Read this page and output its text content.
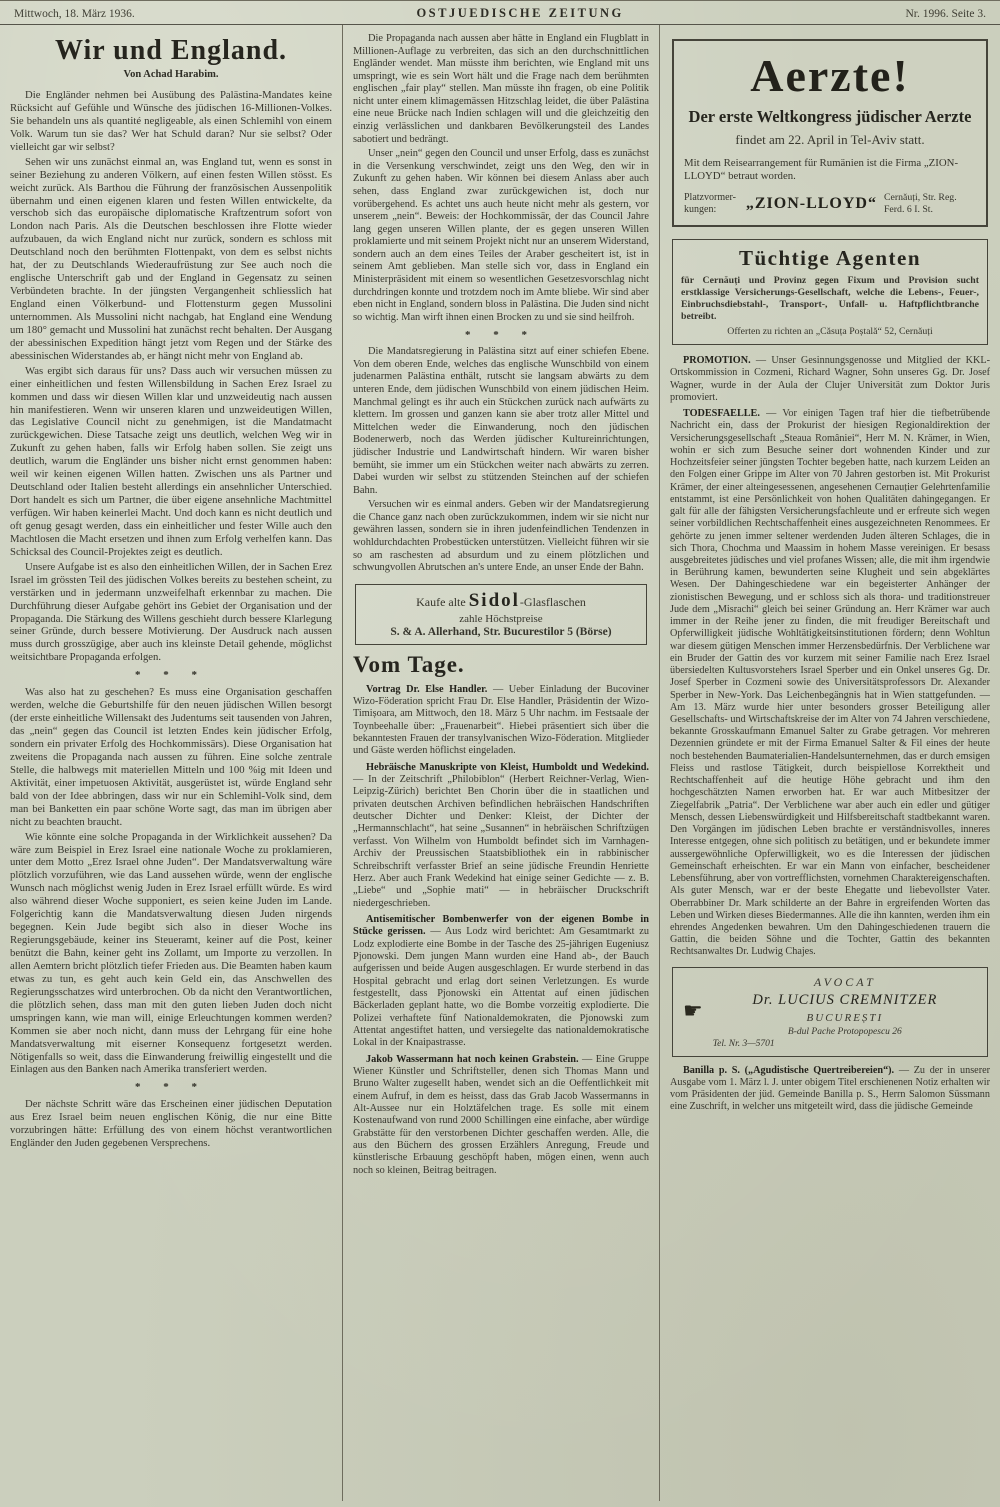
Mittwoch, 18. März 1936.	OSTJUEDISCHE ZEITUNG	Nr. 1996. Seite 3.
Wir und England.
Von Achad Harabim.

Die Engländer nehmen bei Ausübung des Palästina-Mandates keine Rücksicht auf Gefühle und Wünsche des jüdischen 16-Millionen-Volkes. Sie behandeln uns als quantité negligeable, als einen Schlemihl von einem Volk. Warum tun sie das? Wer hat Schuld daran? Nur sie selbst? Oder vielleicht gar wir selbst?

Sehen wir uns zunächst einmal an, was England tut, wenn es sonst in seiner Beziehung zu anderen Völkern, auf einen festen Willen stösst. Es weicht zurück. Als Barthou die Führung der französischen Aussenpolitik übernahm und einen eigenen klaren und festen Willen entwickelte, da verschob sich das europäische diplomatische Kraftzentrum sofort von London nach Paris. Als die Deutschen beschlossen ihre Flotte wieder aufzubauen, da wich England nicht nur zurück, sondern es schloss mit Deutschland noch den berühmten Flottenpakt, von dem es selbst nichts hat, der zu Deutschlands Wiederaufrüstung zur See auch noch die englische Unterschrift gab und der England in Gegensatz zu seinen Verbündeten brachte. In der jüngsten Vergangenheit schliesslich hat England einen Völkerbund- und Flottensturm gegen Mussolini unternommen. Als Mussolini nicht nachgab, hat England eine Wendung um 180° gemacht und Mussolini hat zunächst recht behalten. Der Ausgang der abessinischen Expedition hängt jetzt vom Regen und der Stärke des abessinischen Widerstandes ab, er hängt nicht mehr von England ab.

Was ergibt sich daraus für uns? Dass auch wir versuchen müssen zu einer einheitlichen und festen Willensbildung in Sachen Erez Israel zu kommen und dass wir diesen Willen klar und unzweideutig nach aussen hin manifestieren. Wenn wir unseren klaren und unzweideutigen Willen, das Legislative Council nicht zu genehmigen, ist die Mandatmacht zurückgewichen. Diese Tatsache zeigt uns deutlich, welchen Weg wir in Zukunft zu gehen haben, falls wir Erfolg haben sollen. Sie zeigt uns deutlich, warum die Engländer uns bisher nicht ernst genommen haben: weil wir keinen eigenen Willen hatten. Zwischen uns als Partner und Deutschland oder Italien besteht allerdings ein ansehnlicher Unterschied. Dort handelt es sich um Partner, die über eigene ansehnliche Machtmittel verfügen. Wir haben keinerlei Macht. Und doch kann es nicht deutlich und oft genug gesagt werden, dass ein einheitlicher und fester Wille auch den Machtlosen die Macht ersetzen und ihnen zum Erfolg verhelfen kann. Das Schicksal des Council-Projektes zeigt es deutlich.

Unsere Aufgabe ist es also den einheitlichen Willen, der in Sachen Erez Israel im grössten Teil des jüdischen Volkes bereits zu bestehen scheint, zu verstärken und in jedermann unzweifelhaft erkennbar zu machen. Die Durchführung dieser Aufgabe gehört ins Gebiet der Organisation und der Propaganda. Die Stärkung des Willens geschieht durch bessere Klarlegung seiner Gründe, durch bessere Motivierung. Der Ausdruck nach aussen muss durch grosszügige, aber auch ins kleinste Detail gehende, möglichst weitsichtbare Propaganda erfolgen.

* * *

Was also hat zu geschehen? Es muss eine Organisation geschaffen werden, welche die Geburtshilfe für den neuen jüdischen Willen besorgt (der erste einheitliche Willensakt des Judentums seit tausenden von Jahren, das „nein“ gegen das Council ist letzten Endes kein jüdischer Erfolg, sondern ein privater Erfolg des Hochkommissärs). Diese Organisation hat zweitens die Propaganda nach aussen zu führen. Eine solche zentrale Stelle, die halbwegs mit materiellen Mitteln und 100 %ig mit Ideen und Aktivität, einer impetuosen Aktivität, ausgerüstet ist, würde England sehr bald von der Idee abbringen, dass wir nur ein Schlemihl-Volk sind, dem man bei Banketten ein paar schöne Worte sagt, das man im übrigen aber nicht zu beachten braucht.

Wie könnte eine solche Propaganda in der Wirklichkeit aussehen? Da wäre zum Beispiel in Erez Israel eine nationale Woche zu proklamieren, unter dem Motto „Erez Israel ohne Juden“. Der Mandatsverwaltung wäre plötzlich vorzuführen, wie das Land aussehen würde, wenn der englische Wunsch nach möglichst wenig Juden in Erez Israel erfüllt würde. Es wird also während dieser Woche supponiert, es seien keine Juden im Lande. Folgerichtig kann die Mandatsverwaltung diesen Juden nirgends begegnen. Kein Jude begibt sich also in dieser Woche ins Regierungsgebäude, keiner ins Steueramt, keiner auf die Post, keiner benützt die Bahn, keiner geht ins Zollamt, um Importe zu verzollen. In allen Aemtern bricht plötzlich tiefer Frieden aus. Die Beamten haben kaum etwas zu tun, es geht auch kein Geld ein, das Anschwellen des Regierungsschatzes wird unterbrochen. Ob da nicht den Verantwortlichen, die plötzlich sehen, dass man mit den guten lieben Juden doch nicht umspringen kann, wie man will, einige Erleuchtungen kommen werden? Kommen sie aber noch nicht, dann muss der Lehrgang für eine hohe Mandatsverwaltung mit eiserner Konsequenz fortgesetzt werden. Nötigenfalls so weit, dass die Einwanderung freiwillig eingestellt und die Einlagen aus den Banken nach Amerika transferiert werden.

* * *

Der nächste Schritt wäre das Erscheinen einer jüdischen Deputation aus Erez Israel beim neuen englischen König, die nur eine Bitte vorzubringen hätte: Erfüllung des von einem höchst verantwortlichen Engländer den Juden gegebenen Versprechens.

Die Propaganda nach aussen aber hätte in England ein Flugblatt in Millionen-Auflage zu verbreiten, das sich an den durchschnittlichen Engländer wendet. Man müsste ihm berichten, wie England mit uns umspringt, wie es sein Wort hält und die Frage nach dem berühmten englischen „fair play“ stellen. Man müsste ihn fragen, ob eine Politik nicht unter einem klimagemässen Hitzschlag leidet, die über Palästina eine neue Brücke nach Indien schlagen will und die gleichzeitig den einzig verlässlichen und dankbaren Bevölkerungsteil des Landes sabotiert und bedrängt.

Unser „nein“ gegen den Council und unser Erfolg, dass es zunächst in die Versenkung verschwindet, zeigt uns den Weg, den wir in Zukunft zu gehen haben. Wir können bei diesem Anlass aber auch sehen, dass England zwar zurückgewichen ist, doch nur vorübergehend. Es achtet uns auch heute nicht mehr als gestern, vor unserem „nein“. Beweis: der Hochkommissär, der das Council Jahre lang gegen unseren Willen plante, der es gegen unseren Willen proklamierte und mit seinem Projekt nicht nur an unserem Widerstand, sondern auch an dem eines Teiles der Araber gescheitert ist, ist in seinem Amt geblieben. Man stelle sich vor, dass in England ein Ministerpräsident mit einem so wesentlichen Gesetzesvorschlag nicht durchdringen konnte und trotzdem noch im Amte bliebe. Wir sind aber eben nicht in England, sondern bloss in Palästina. Die Juden sind nicht so wichtig. Man wirft ihnen einen Brocken zu und sie sind heilfroh.

* * *

Die Mandatsregierung in Palästina sitzt auf einer schiefen Ebene. Von dem oberen Ende, welches das englische Wunschbild von einem judenarmen Palästina enthält, rutscht sie langsam abwärts zu dem unteren Ende, dem jüdischen Wunschbild von einem jüdischen Heim. Manchmal gelingt es ihr auch ein Stückchen zurück nach aufwärts zu klettern. Im grossen und ganzen kann sie aber trotz aller Mittel und Mittelchen weder die Einwanderung, noch den jüdischen Bodenerwerb, noch das Werden jüdischer Kultureinrichtungen, jüdischer Industrie und Landwirtschaft hindern. Wir waren bisher bemüht, sie immer um ein Stückchen weiter nach abwärts zu zerren. Dabei wurden wir selbst zu stützenden Steinchen auf der schiefen Bahn.

Versuchen wir es einmal anders. Geben wir der Mandatsregierung die Chance ganz nach oben zurückzukommen, indem wir sie nicht nur gewähren lassen, sondern sie in ihren judenfeindlichen Tendenzen in wohldurchdachten Probestücken unterstützen. Vielleicht führen wir sie so am raschesten ad absurdum und zu einem plötzlichen und schwungvollen Abrutschen an's untere Ende, an unser Ende der Bahn.

Kaufe alte Sidol-Glasflaschen
zahle Höchstpreise
S. & A. Allerhand, Str. Bucurestilor 5 (Börse)
Vom Tage.

Vortrag Dr. Else Handler. — Ueber Einladung der Bucoviner Wizo-Föderation spricht Frau Dr. Else Handler, Präsidentin der Wizo-Timișoara, am Mittwoch, den 18. März 5 Uhr nachm. im Festsaale der Toynbeehalle über: „Frauenarbeit“. Hiebei präsentiert sich über die bekanntesten Frauen der transylvanischen Wizo-Föderation. Mitglieder und Gäste werden höflichst eingeladen.

Hebräische Manuskripte von Kleist, Humboldt und Wedekind. — In der Zeitschrift „Philobiblon“ (Herbert Reichner-Verlag, Wien-Leipzig-Zürich) berichtet Ben Chorin über die in staatlichen und privaten deutschen Archiven befindlichen hebräischen Handschriften deutscher Dichter und Denker: Kleist, der Dichter der „Hermannschlacht“, hat seine „Susannen“ in hebräischen Schriftzügen verfasst. Von Wilhelm von Humboldt befindet sich im Varnhagen-Archiv der Preussischen Staatsbibliothek ein in rabbinischer Schreibschrift verfasster Brief an seine jüdische Freundin Henriette Herz. Aber auch Frank Wedekind hat einige seiner Gedichte — z. B. „Liebe“ und „Sophie mati“ — in hebräischer Druckschrift niedergeschrieben.

Antisemitischer Bombenwerfer von der eigenen Bombe in Stücke gerissen. — Aus Lodz wird berichtet: Am Gesamtmarkt zu Lodz explodierte eine Bombe in der Tasche des 25-jährigen Eugeniusz Pjonowski. Dem jungen Mann wurden eine Hand ab-, der Bauch aufgerissen und beide Augen ausgeschlagen. Er wurde sterbend in das Hospital gebracht und erlag dort seinen Verletzungen. Es wurde festgestellt, dass Pjonowski ein Attentat auf einen jüdischen Bäckerladen geplant hatte, wo die Bombe vorzeitig explodierte. Die Polizei verhaftete fünf Nationaldemokraten, die Pjonowski zum Attentat angestiftet hatten, und versiegelte das nationaldemokratische Lokal in der Knaipastrasse.

Jakob Wassermann hat noch keinen Grabstein. — Eine Gruppe Wiener Künstler und Schriftsteller, denen sich Thomas Mann und Bruno Walter zugesellt haben, wendet sich an die Oeffentlichkeit mit einem Aufruf, in dem es heisst, dass das Grab Jacob Wassermanns in Alt-Aussee nur ein Holztäfelchen trage. Es solle mit einem Kostenaufwand von rund 2000 Schillingen eine einfache, aber würdige Grabstätte für den verstorbenen Dichter geschaffen werden. Alle, die aus den Büchern des grossen Erzählers Anregung, Freude und künstlerische Erbauung geschöpft haben, mögen einen, wenn auch noch so kleinen, Beitrag beitragen.

Aerzte!
Der erste Weltkongress jüdischer Aerzte
findet am 22. April in Tel-Aviv statt.
Mit dem Reisearrangement für Rumänien ist die Firma „ZION-LLOYD“ betraut worden.
Platzvormer- kungen:	„ZION-LLOYD“ Cernăuți, Str. Reg. Ferd. 6 I. St.
Tüchtige Agenten
für Cernăuți und Provinz gegen Fixum und Provision sucht erstklassige Versicherungs-Gesellschaft, welche die Lebens-, Feuer-, Einbruchsdiebstahl-, Transport-, Unfall- u. Haftpflichtbranche betreibt.
Offerten zu richten an „Căsuța Poștală“ 52, Cernăuți

PROMOTION. — Unser Gesinnungsgenosse und Mitglied der KKL-Ortskommission in Cozmeni, Richard Wagner, Sohn unseres Gg. Dr. Josef Wagner, wurde in der Aula der Clujer Universität zum Doktor Juris promoviert.

TODESFAELLE. — Vor einigen Tagen traf hier die tiefbetrübende Nachricht ein, dass der Prokurist der hiesigen Regionaldirektion der Versicherungsgesellschaft „Steaua României“, Herr M. N. Krämer, in Wien, wohin er sich zum Besuche seiner dort wohnenden Kinder und zur Hochzeitsfeier seiner jüngsten Tochter begeben hatte, nach kurzem Leiden an den Folgen einer Grippe im Alter von 70 Jahren gestorben ist. Mit Prokurist Krämer, der einer alteingesessenen, angesehenen Cernauțier Gelehrtenfamilie entstammt, ist eine Persönlichkeit von hohen Qualitäten dahingegangen. Er galt für alle der fähigsten Versicherungsfachleute und er erfreute sich wegen seiner vorbildlichen Rechtschaffenheit eines ausgezeichneten Renommees. Er gehörte zu jenen immer seltener werdenden Juden älteren Schlages, die in sich Thora, Chochma und Maassim in hohem Masse vereinigen. Er besass ausgebreitetes jüdisches und viel profanes Wissen; alle, die mit ihm irgendwie in Berührung kamen, bewunderten seine Klugheit und sein abgeklärtes Wesen. Der Dahingeschiedene war ein begeisterter Anhänger der zionistischen Bewegung, und er schloss sich als thora- und traditionstreuer Jude dem „Misrachi“ gleich bei seiner Gründung an. Herr Krämer war auch immer in der Reihe jener zu finden, die mit freudiger Bereitschaft und Opferwilligkeit jüdische Wohltätigkeitsinstitutionen fördern; denn Wohltun war diesem gütigen Menschen immer Herzensbedürfnis. Der Verblichene war ein Bruder der Gattin des vor kurzem mit seiner Familie nach Erez Israel übersiedelten Kultusvorstehers Israel Sperber und ein Onkel unseres Gg. Dr. Josef Sperber in Cozmeni sowie des Universitätsprofessors Dr. Alexander Sperber in New-York. Das Leichenbegängnis hat in Wien stattgefunden. — Am 13. März wurde hier unter besonders grosser Beteiligung aller Gesellschafts- und Wirtschaftskreise der im Alter von 74 Jahren verschiedene, bekannte Grosskaufmann Emanuel Salter zu Grabe getragen. Vor mehreren Dezennien gründete er mit der Firma Emanuel Salter & Fil eines der heute noch bestehenden Baumaterialien-Handelsunternehmen, das er durch emsigen Fleiss und rastlose Tätigkeit, durch beispiellose Korrektheit und Rechtschaffenheit auf die heutige Höhe gebracht und ihm den hochgeschätzten Namen erworben hat. Er war auch Mitbesitzer der Ziegelfabrik „Patria“. Der Verblichene war aber auch ein edler und gütiger Mensch, dessen Liebenswürdigkeit und Hilfsbereitschaft stadtbekannt waren. Den Vorgängen im jüdischen Leben brachte er verständnisvolles, inneres Interesse entgegen, ohne sich politisch zu betätigen, und er bekundete immer aussergewöhnliche Opferwilligkeit, wo es die Interessen der jüdischen Gemeinschaft erheischten. Er war ein Mann von einfacher, bescheidener Lebensführung, aber von vortrefflichsten, vornehmen Charaktereigenschaften. Als guter Mensch, war er der beste Ehegatte und liebevollster Vater. Oberrabbiner Dr. Mark schilderte an der Bahre in ergreifenden Worten das Leben und Wirken dieses Biedermannes. Alle die ihn kannten, werden ihm ein ehrendes Angedenken bewahren. Um den Dahingeschiedenen trauern die Gattin, die beiden Söhne und die Tochter, Gattin des bekannten Rechtsanwaltes Dr. Ludwig Chajes.

☛
AVOCAT
Dr. LUCIUS CREMNITZER
BUCUREȘTI
B-dul Pache Protopopescu 26
Tel. Nr. 3—5701

Banilla p. S. („Agudistische Quertreibereien“). — Zu der in unserer Ausgabe vom 1. März l. J. unter obigem Titel erschienenen Notiz erhalten wir vom Präsidenten der jüd. Gemeinde Banilla p. S., Herrn Salomon Süssmann eine Zuschrift, in welcher uns mitgeteilt wird, dass die jüdische Gemeinde
